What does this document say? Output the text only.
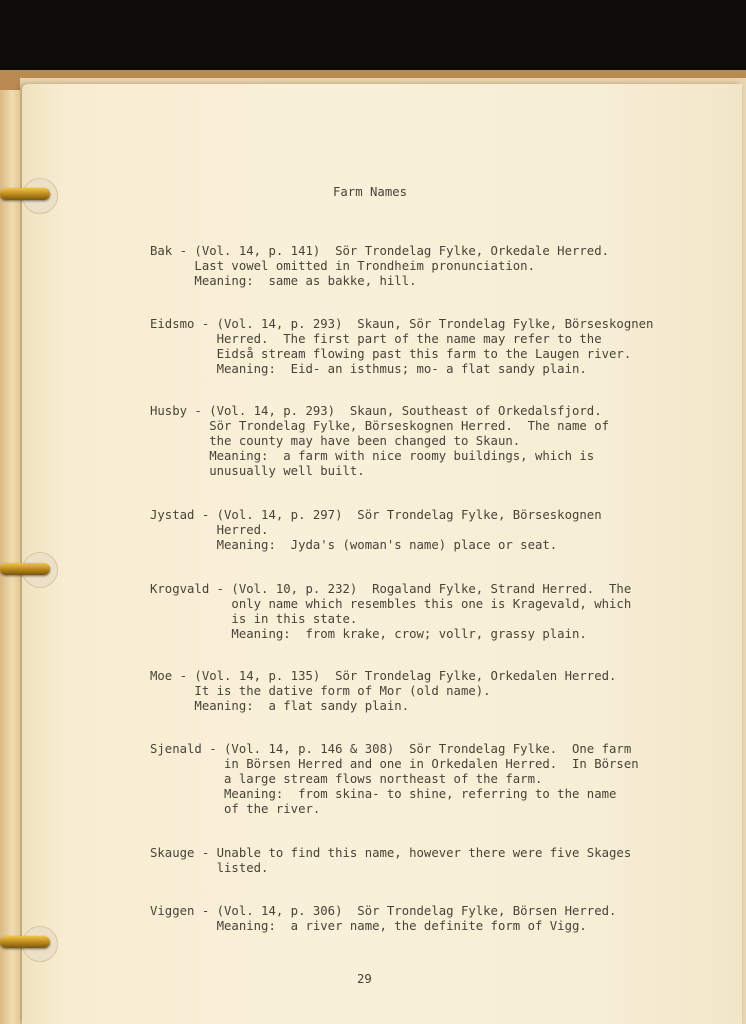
Farm Names
Bak - (Vol. 14, p. 141)  Sör Trondelag Fylke, Orkedale Herred.
Last vowel omitted in Trondheim pronunciation.
Meaning:  same as bakke, hill.
Eidsmo - (Vol. 14, p. 293)  Skaun, Sör Trondelag Fylke, Börseskognen
Herred.  The first part of the name may refer to the
Eidså stream flowing past this farm to the Laugen river.
Meaning:  Eid- an isthmus; mo- a flat sandy plain.
Husby - (Vol. 14, p. 293)  Skaun, Southeast of Orkedalsfjord.
Sör Trondelag Fylke, Börseskognen Herred.  The name of
the county may have been changed to Skaun.
Meaning:  a farm with nice roomy buildings, which is
unusually well built.
Jystad - (Vol. 14, p. 297)  Sör Trondelag Fylke, Börseskognen
Herred.
Meaning:  Jyda's (woman's name) place or seat.
Krogvald - (Vol. 10, p. 232)  Rogaland Fylke, Strand Herred.  The
only name which resembles this one is Kragevald, which
is in this state.
Meaning:  from krake, crow; vollr, grassy plain.
Moe - (Vol. 14, p. 135)  Sör Trondelag Fylke, Orkedalen Herred.
It is the dative form of Mor (old name).
Meaning:  a flat sandy plain.
Sjenald - (Vol. 14, p. 146 & 308)  Sör Trondelag Fylke.  One farm
in Börsen Herred and one in Orkedalen Herred.  In Börsen
a large stream flows northeast of the farm.
Meaning:  from skina- to shine, referring to the name
of the river.
Skauge - Unable to find this name, however there were five Skages
listed.
Viggen - (Vol. 14, p. 306)  Sör Trondelag Fylke, Börsen Herred.
Meaning:  a river name, the definite form of Vigg.
29
